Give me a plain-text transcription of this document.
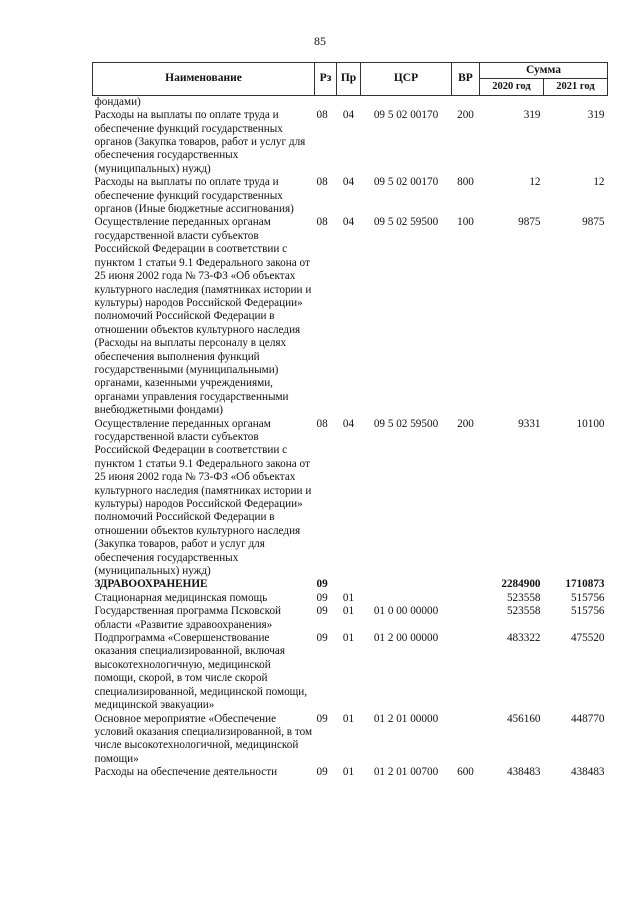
85
Наименование	Рз	Пр	ЦСР	ВР	Сумма	
					2020 год	2021 год
фондами)						
Расходы на выплаты по оплате труда и обеспечение функций государственных органов (Закупка товаров, работ и услуг для обеспечения государственных (муниципальных) нужд)	08	04	09 5 02 00170	200	319	319
Расходы на выплаты по оплате труда и обеспечение функций государственных органов (Иные бюджетные ассигнования)	08	04	09 5 02 00170	800	12	12
Осуществление переданных органам государственной власти субъектов Российской Федерации в соответствии с пунктом 1 статьи 9.1 Федерального закона от 25 июня 2002 года № 73-ФЗ «Об объектах культурного наследия (памятниках истории и культуры) народов Российской Федерации» полномочий Российской Федерации в отношении объектов культурного наследия (Расходы на выплаты персоналу в целях обеспечения выполнения функций государственными (муниципальными) органами, казенными учреждениями, органами управления государственными внебюджетными фондами)	08	04	09 5 02 59500	100	9875	9875
Осуществление переданных органам государственной власти субъектов Российской Федерации в соответствии с пунктом 1 статьи 9.1 Федерального закона от 25 июня 2002 года № 73-ФЗ «Об объектах культурного наследия (памятниках истории и культуры) народов Российской Федерации» полномочий Российской Федерации в отношении объектов культурного наследия (Закупка товаров, работ и услуг для обеспечения государственных (муниципальных) нужд)	08	04	09 5 02 59500	200	9331	10100
ЗДРАВООХРАНЕНИЕ	09				2284900	1710873
Стационарная медицинская помощь	09	01			523558	515756
Государственная программа Псковской области «Развитие здравоохранения»	09	01	01 0 00 00000		523558	515756
Подпрограмма «Совершенствование оказания специализированной, включая высокотехнологичную, медицинской помощи, скорой, в том числе скорой специализированной, медицинской помощи, медицинской эвакуации»	09	01	01 2 00 00000		483322	475520
Основное мероприятие «Обеспечение условий оказания специализированной, в том числе высокотехнологичной, медицинской помощи»	09	01	01 2 01 00000		456160	448770
Расходы на обеспечение деятельности	09	01	01 2 01 00700	600	438483	438483
